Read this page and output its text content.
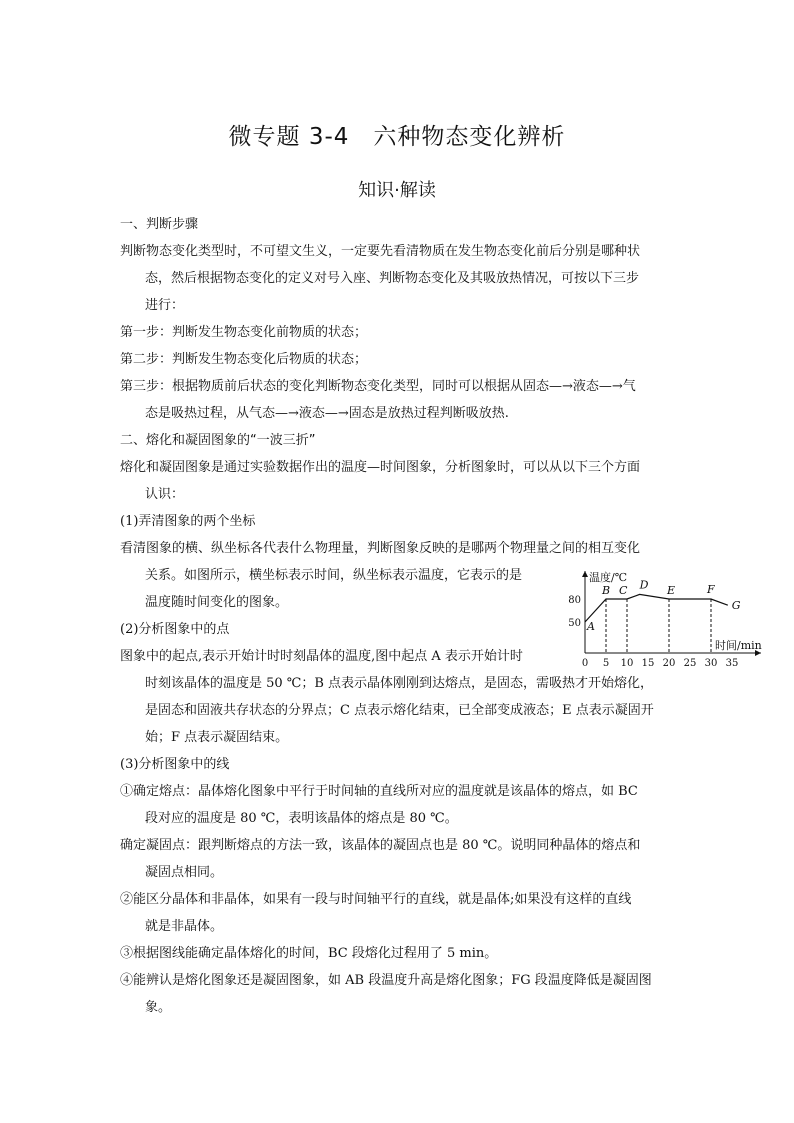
微专题 3-4　六种物态变化辨析
知识·解读
一、判断步骤
判断物态变化类型时，不可望文生义，一定要先看清物质在发生物态变化前后分别是哪种状
态，然后根据物态变化的定义对号入座、判断物态变化及其吸放热情况，可按以下三步
进行：
第一步：判断发生物态变化前物质的状态；
第二步：判断发生物态变化后物质的状态；
第三步：根据物质前后状态的变化判断物态变化类型，同时可以根据从固态—→液态—→气
态是吸热过程，从气态—→液态—→固态是放热过程判断吸放热.
二、熔化和凝固图象的“一波三折”
熔化和凝固图象是通过实验数据作出的温度—时间图象，分析图象时，可以从以下三个方面
认识：
(1)弄清图象的两个坐标
看清图象的横、纵坐标各代表什么物理量，判断图象反映的是哪两个物理量之间的相互变化
关系。如图所示，横坐标表示时间，纵坐标表示温度，它表示的是
温度随时间变化的图象。
(2)分析图象中的点
图象中的起点,表示开始计时时刻晶体的温度,图中起点 A 表示开始计时
时刻该晶体的温度是 50 ℃；B 点表示晶体刚刚到达熔点，是固态，需吸热才开始熔化，
是固态和固液共存状态的分界点；C 点表示熔化结束，已全部变成液态；E 点表示凝固开
始；F 点表示凝固结束。
(3)分析图象中的线
①确定熔点：晶体熔化图象中平行于时间轴的直线所对应的温度就是该晶体的熔点，如 BC
段对应的温度是 80 ℃，表明该晶体的熔点是 80 ℃。
确定凝固点：跟判断熔点的方法一致，该晶体的凝固点也是 80 ℃。说明同种晶体的熔点和
凝固点相同。
②能区分晶体和非晶体，如果有一段与时间轴平行的直线，就是晶体;如果没有这样的直线
就是非晶体。
③根据图线能确定晶体熔化的时间，BC 段熔化过程用了 5 min。
④能辨认是熔化图象还是凝固图象，如 AB 段温度升高是熔化图象；FG 段温度降低是凝固图
象。
温度/℃
时间/min
0 5 10 15 20 25 30 35
50
80
A
B C D E	F
G
